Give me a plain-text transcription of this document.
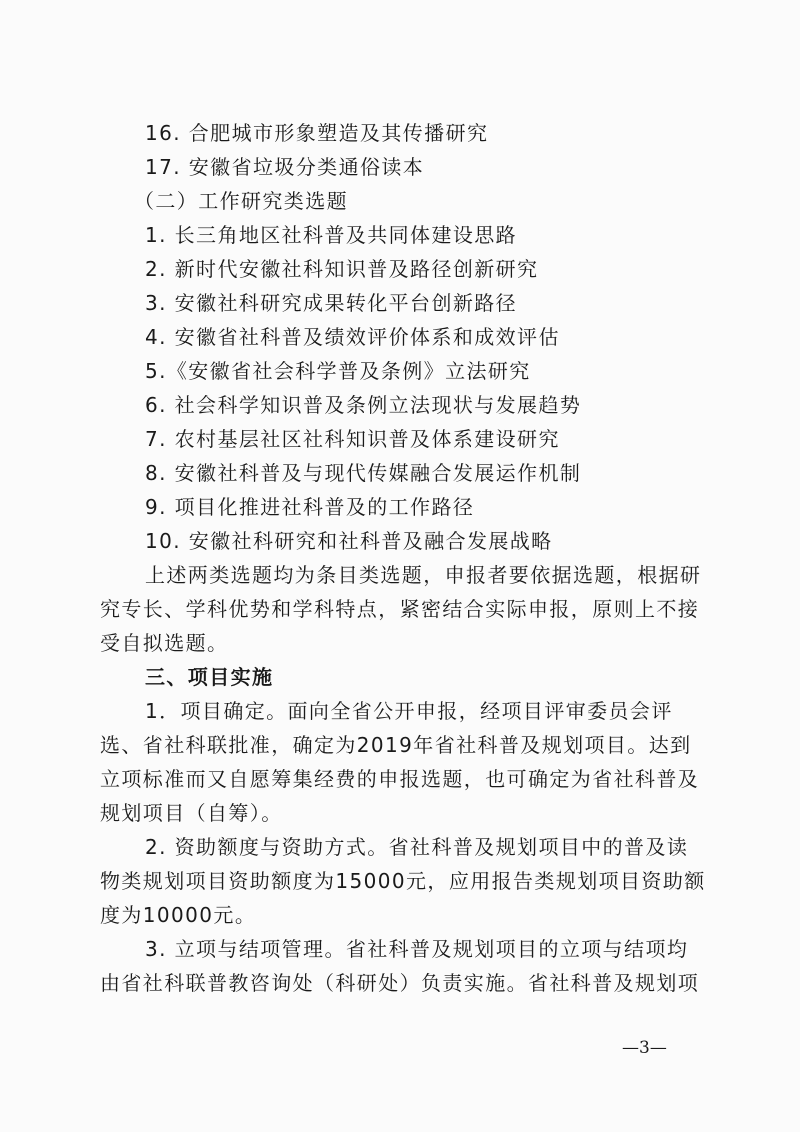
16. 合肥城市形象塑造及其传播研究
17. 安徽省垃圾分类通俗读本
（二）工作研究类选题
1. 长三角地区社科普及共同体建设思路
2. 新时代安徽社科知识普及路径创新研究
3. 安徽社科研究成果转化平台创新路径
4. 安徽省社科普及绩效评价体系和成效评估
5.《安徽省社会科学普及条例》立法研究
6. 社会科学知识普及条例立法现状与发展趋势
7. 农村基层社区社科知识普及体系建设研究
8. 安徽社科普及与现代传媒融合发展运作机制
9. 项目化推进社科普及的工作路径
10. 安徽社科研究和社科普及融合发展战略
上述两类选题均为条目类选题，申报者要依据选题，根据研
究专长、学科优势和学科特点，紧密结合实际申报，原则上不接
受自拟选题。
三、项目实施
1．项目确定。面向全省公开申报，经项目评审委员会评
选、省社科联批准，确定为2019年省社科普及规划项目。达到
立项标准而又自愿筹集经费的申报选题，也可确定为省社科普及
规划项目（自筹）。
2. 资助额度与资助方式。省社科普及规划项目中的普及读
物类规划项目资助额度为15000元，应用报告类规划项目资助额
度为10000元。
3. 立项与结项管理。省社科普及规划项目的立项与结项均
由省社科联普教咨询处（科研处）负责实施。省社科普及规划项
—3—
